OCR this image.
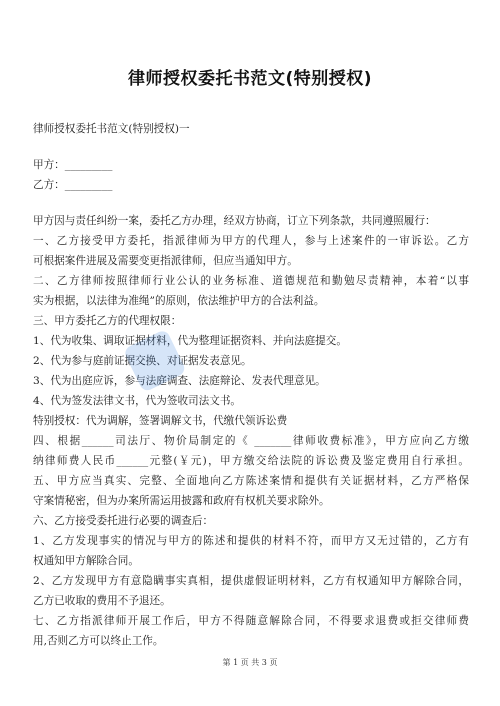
律师授权委托书范文(特别授权)
律师授权委托书范文(特别授权)一
甲方：_________
乙方：_________
甲方因与责任纠纷一案，委托乙方办理，经双方协商，订立下列条款，共同遵照履行：
一、乙方接受甲方委托，指派律师为甲方的代理人，参与上述案件的一审诉讼。乙方
可根据案件进展及需要变更指派律师，但应当通知甲方。
二、乙方律师按照律师行业公认的业务标准、道德规范和勤勉尽责精神，本着“以事
实为根据，以法律为准绳”的原则，依法维护甲方的合法利益。
三、甲方委托乙方的代理权限：
1、代为收集、调取证据材料，代为整理证据资料、并向法庭提交。
2、代为参与庭前证据交换、对证据发表意见。
3、代为出庭应诉，参与法庭调查、法庭辩论、发表代理意见。
4、代为签发法律文书，代为签收司法文书。
特别授权：代为调解，签署调解文书，代缴代领诉讼费
四、根据______司法厅、物价局制定的《 _______律师收费标准》，甲方应向乙方缴
纳律师费人民币______元整(￥元)，甲方缴交给法院的诉讼费及鉴定费用自行承担。
五、甲方应当真实、完整、全面地向乙方陈述案情和提供有关证据材料，乙方严格保
守案情秘密，但为办案所需运用披露和政府有权机关要求除外。
六、乙方接受委托进行必要的调查后：
1、乙方发现事实的情况与甲方的陈述和提供的材料不符，而甲方又无过错的，乙方有
权通知甲方解除合同。
2、乙方发现甲方有意隐瞒事实真相，提供虚假证明材料，乙方有权通知甲方解除合同，
乙方已收取的费用不予退还。
七、乙方指派律师开展工作后，甲方不得随意解除合同，不得要求退费或拒交律师费
用,否则乙方可以终止工作。
第 1 页 共 3 页
